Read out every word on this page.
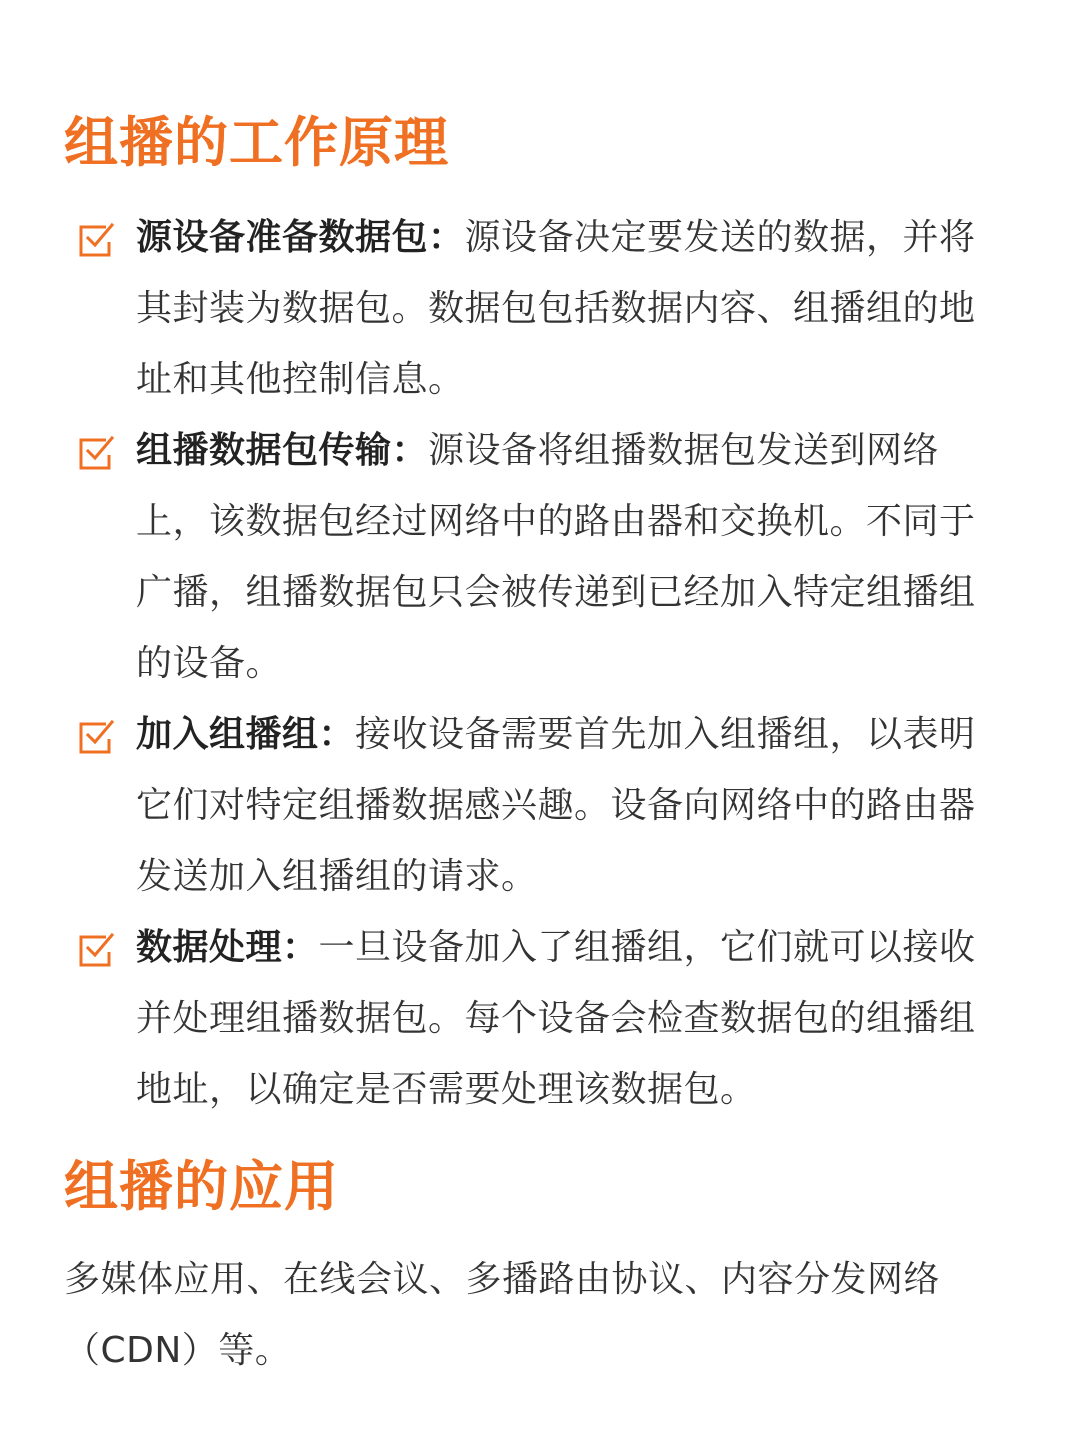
组播的工作原理
源设备准备数据包：源设备决定要发送的数据，并将其封装为数据包。数据包包括数据内容、组播组的地址和其他控制信息。
组播数据包传输：源设备将组播数据包发送到网络上，该数据包经过网络中的路由器和交换机。不同于广播，组播数据包只会被传递到已经加入特定组播组的设备。
加入组播组：接收设备需要首先加入组播组，以表明它们对特定组播数据感兴趣。设备向网络中的路由器发送加入组播组的请求。
数据处理：一旦设备加入了组播组，它们就可以接收并处理组播数据包。每个设备会检查数据包的组播组地址，以确定是否需要处理该数据包。
组播的应用

多媒体应用、在线会议、多播路由协议、内容分发网络（CDN）等。
